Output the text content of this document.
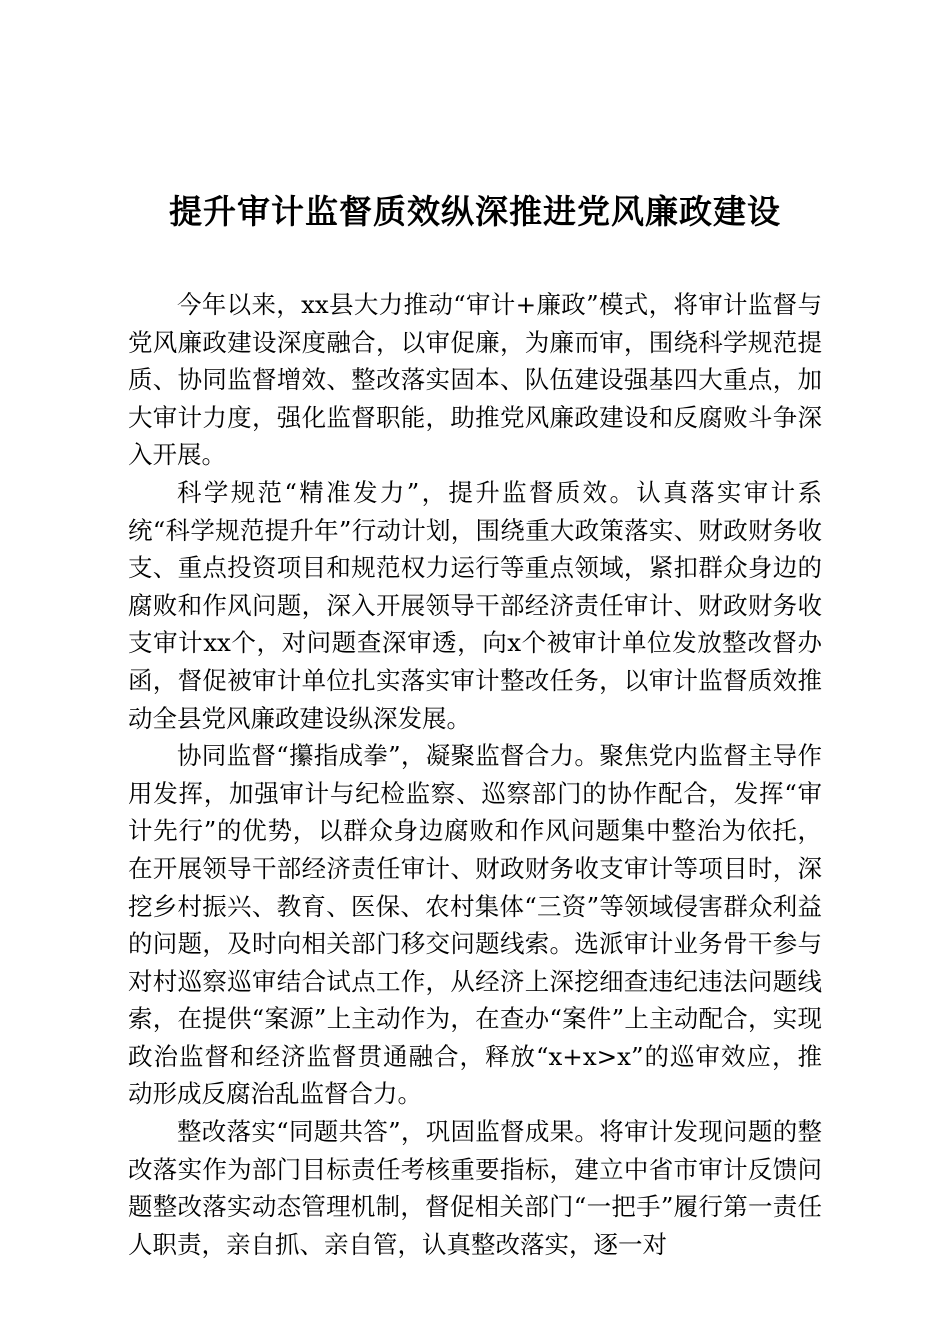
提升审计监督质效纵深推进党风廉政建设

今年以来，xx县大力推动“审计+廉政”模式，将审计监督与党风廉政建设深度融合，以审促廉，为廉而审，围绕科学规范提质、协同监督增效、整改落实固本、队伍建设强基四大重点，加大审计力度，强化监督职能，助推党风廉政建设和反腐败斗争深入开展。

科学规范“精准发力”，提升监督质效。认真落实审计系统“科学规范提升年”行动计划，围绕重大政策落实、财政财务收支、重点投资项目和规范权力运行等重点领域，紧扣群众身边的腐败和作风问题，深入开展领导干部经济责任审计、财政财务收支审计xx个，对问题查深审透，向x个被审计单位发放整改督办函，督促被审计单位扎实落实审计整改任务，以审计监督质效推动全县党风廉政建设纵深发展。

协同监督“攥指成拳”，凝聚监督合力。聚焦党内监督主导作用发挥，加强审计与纪检监察、巡察部门的协作配合，发挥“审计先行”的优势，以群众身边腐败和作风问题集中整治为依托，在开展领导干部经济责任审计、财政财务收支审计等项目时，深挖乡村振兴、教育、医保、农村集体“三资”等领域侵害群众利益的问题，及时向相关部门移交问题线索。选派审计业务骨干参与对村巡察巡审结合试点工作，从经济上深挖细查违纪违法问题线索，在提供“案源”上主动作为，在查办“案件”上主动配合，实现政治监督和经济监督贯通融合，释放“x+x>x”的巡审效应，推动形成反腐治乱监督合力。

整改落实“同题共答”，巩固监督成果。将审计发现问题的整改落实作为部门目标责任考核重要指标，建立中省市审计反馈问题整改落实动态管理机制，督促相关部门“一把手”履行第一责任人职责，亲自抓、亲自管，认真整改落实，逐一对
